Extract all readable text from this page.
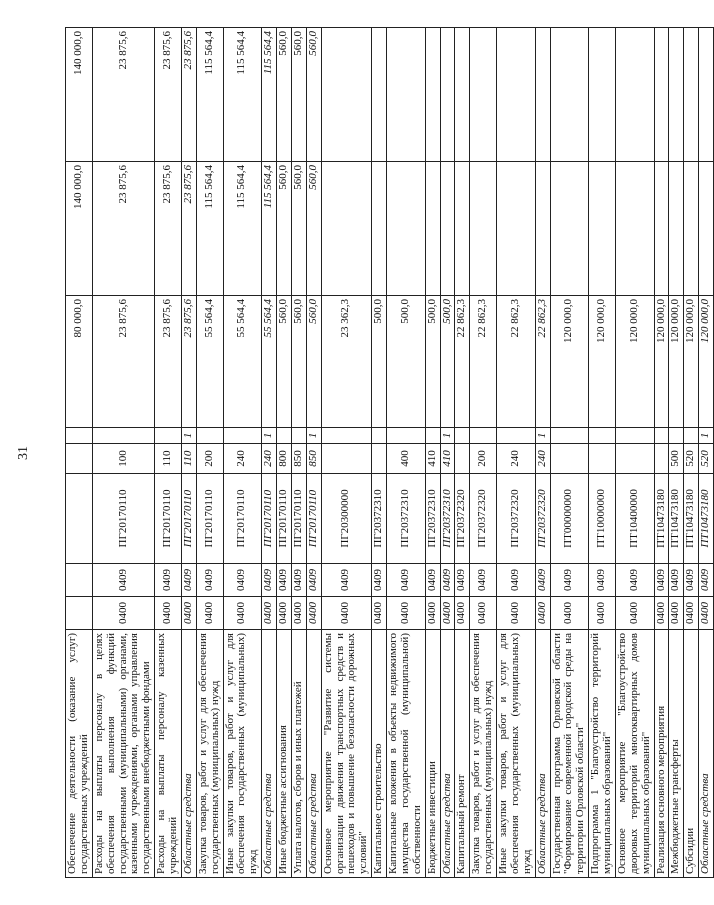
31
Обеспечение деятельности (оказание услуг) государственных учреждений						80 000,0	140 000,0	140 000,0
Расходы на выплаты персоналу в целях обеспечения выполнения функций государственными (муниципальными) органами, казенными учреждениями, органами управления государственными внебюджетными фондами	0400	0409	ПГ20170110	100		23 875,6	23 875,6	23 875,6
Расходы на выплаты персоналу казенных учреждений	0400	0409	ПГ20170110	110		23 875,6	23 875,6	23 875,6
Областные средства	0400	0409	ПГ20170110	110	1	23 875,6	23 875,6	23 875,6
Закупка товаров, работ и услуг для обеспечения государственных (муниципальных) нужд	0400	0409	ПГ20170110	200		55 564,4	115 564,4	115 564,4
Иные закупки товаров, работ и услуг для обеспечения государственных (муниципальных) нужд	0400	0409	ПГ20170110	240		55 564,4	115 564,4	115 564,4
Областные средства	0400	0409	ПГ20170110	240	1	55 564,4	115 564,4	115 564,4
Иные бюджетные ассигнования	0400	0409	ПГ20170110	800		560,0	560,0	560,0
Уплата налогов, сборов и иных платежей	0400	0409	ПГ20170110	850		560,0	560,0	560,0
Областные средства	0400	0409	ПГ20170110	850	1	560,0	560,0	560,0
Основное мероприятие "Развитие системы организации движения транспортных средств и пешеходов и повышение безопасности дорожных условий"	0400	0409	ПГ20300000			23 362,3		
Капитальное строительство	0400	0409	ПГ20372310			500,0		
Капитальные вложения в объекты недвижимого имущества государственной (муниципальной) собственности	0400	0409	ПГ20372310	400		500,0		
Бюджетные инвестиции	0400	0409	ПГ20372310	410		500,0		
Областные средства	0400	0409	ПГ20372310	410	1	500,0		
Капитальный ремонт	0400	0409	ПГ20372320			22 862,3		
Закупка товаров, работ и услуг для обеспечения государственных (муниципальных) нужд	0400	0409	ПГ20372320	200		22 862,3		
Иные закупки товаров, работ и услуг для обеспечения государственных (муниципальных) нужд	0400	0409	ПГ20372320	240		22 862,3		
Областные средства	0400	0409	ПГ20372320	240	1	22 862,3		
Государственная программа Орловской области "Формирование современной городской среды на территории Орловской области"	0400	0409	ПТ00000000			120 000,0		
Подпрограмма 1 "Благоустройство территорий муниципальных образований"	0400	0409	ПТ10000000			120 000,0		
Основное мероприятие "Благоустройство дворовых территорий многоквартирных домов муниципальных образований"	0400	0409	ПТ10400000			120 000,0		
Реализация основного мероприятия	0400	0409	ПТ10473180			120 000,0		
Межбюджетные трансферты	0400	0409	ПТ10473180	500		120 000,0		
Субсидии	0400	0409	ПТ10473180	520		120 000,0		
Областные средства	0400	0409	ПТ10473180	520	1	120 000,0		
